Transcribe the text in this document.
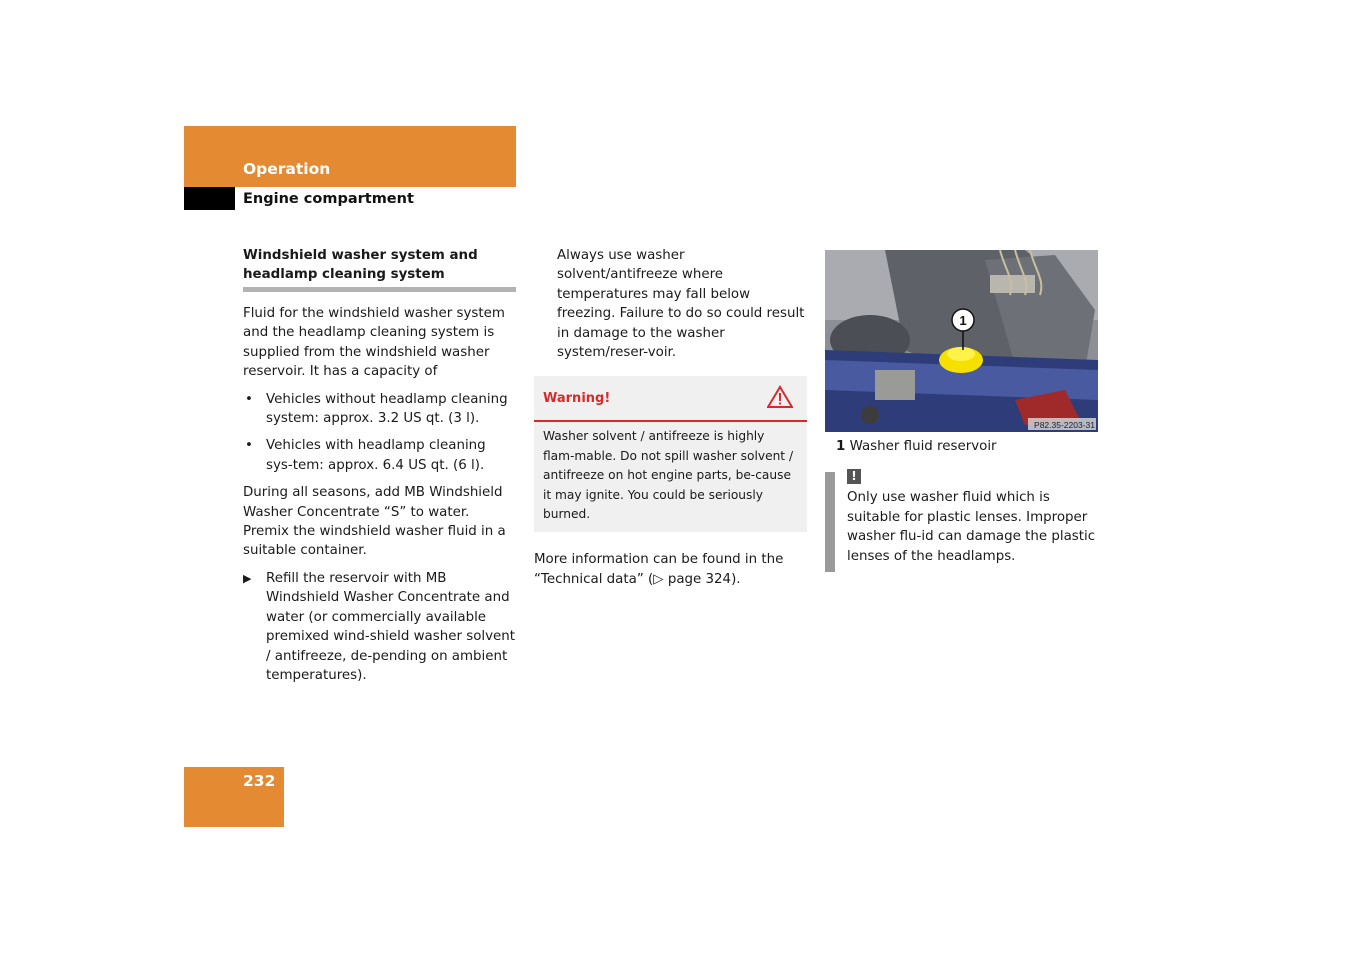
Operation
Engine compartment
Windshield washer system and headlamp cleaning system

Fluid for the windshield washer system and the headlamp cleaning system is supplied from the windshield washer reservoir. It has a capacity of

• Vehicles without headlamp cleaning system: approx. 3.2 US qt. (3 l).
• Vehicles with headlamp cleaning sys-tem: approx. 6.4 US qt. (6 l).

During all seasons, add MB Windshield Washer Concentrate “S” to water. Premix the windshield washer fluid in a suitable container.

▶ Refill the reservoir with MB Windshield Washer Concentrate and water (or commercially available premixed wind-shield washer solvent / antifreeze, de-pending on ambient temperatures).
Always use washer solvent/antifreeze where temperatures may fall below freezing. Failure to do so could result in damage to the washer system/reser-voir.
Warning!
Washer solvent / antifreeze is highly flam-mable. Do not spill washer solvent / antifreeze on hot engine parts, be-cause it may ignite. You could be seriously burned.

More information can be found in the “Technical data” (▷ page 324).

1
P82.35-2203-31
1 Washer fluid reservoir
!
Only use washer fluid which is suitable for plastic lenses. Improper washer flu-id can damage the plastic lenses of the headlamps.
232
